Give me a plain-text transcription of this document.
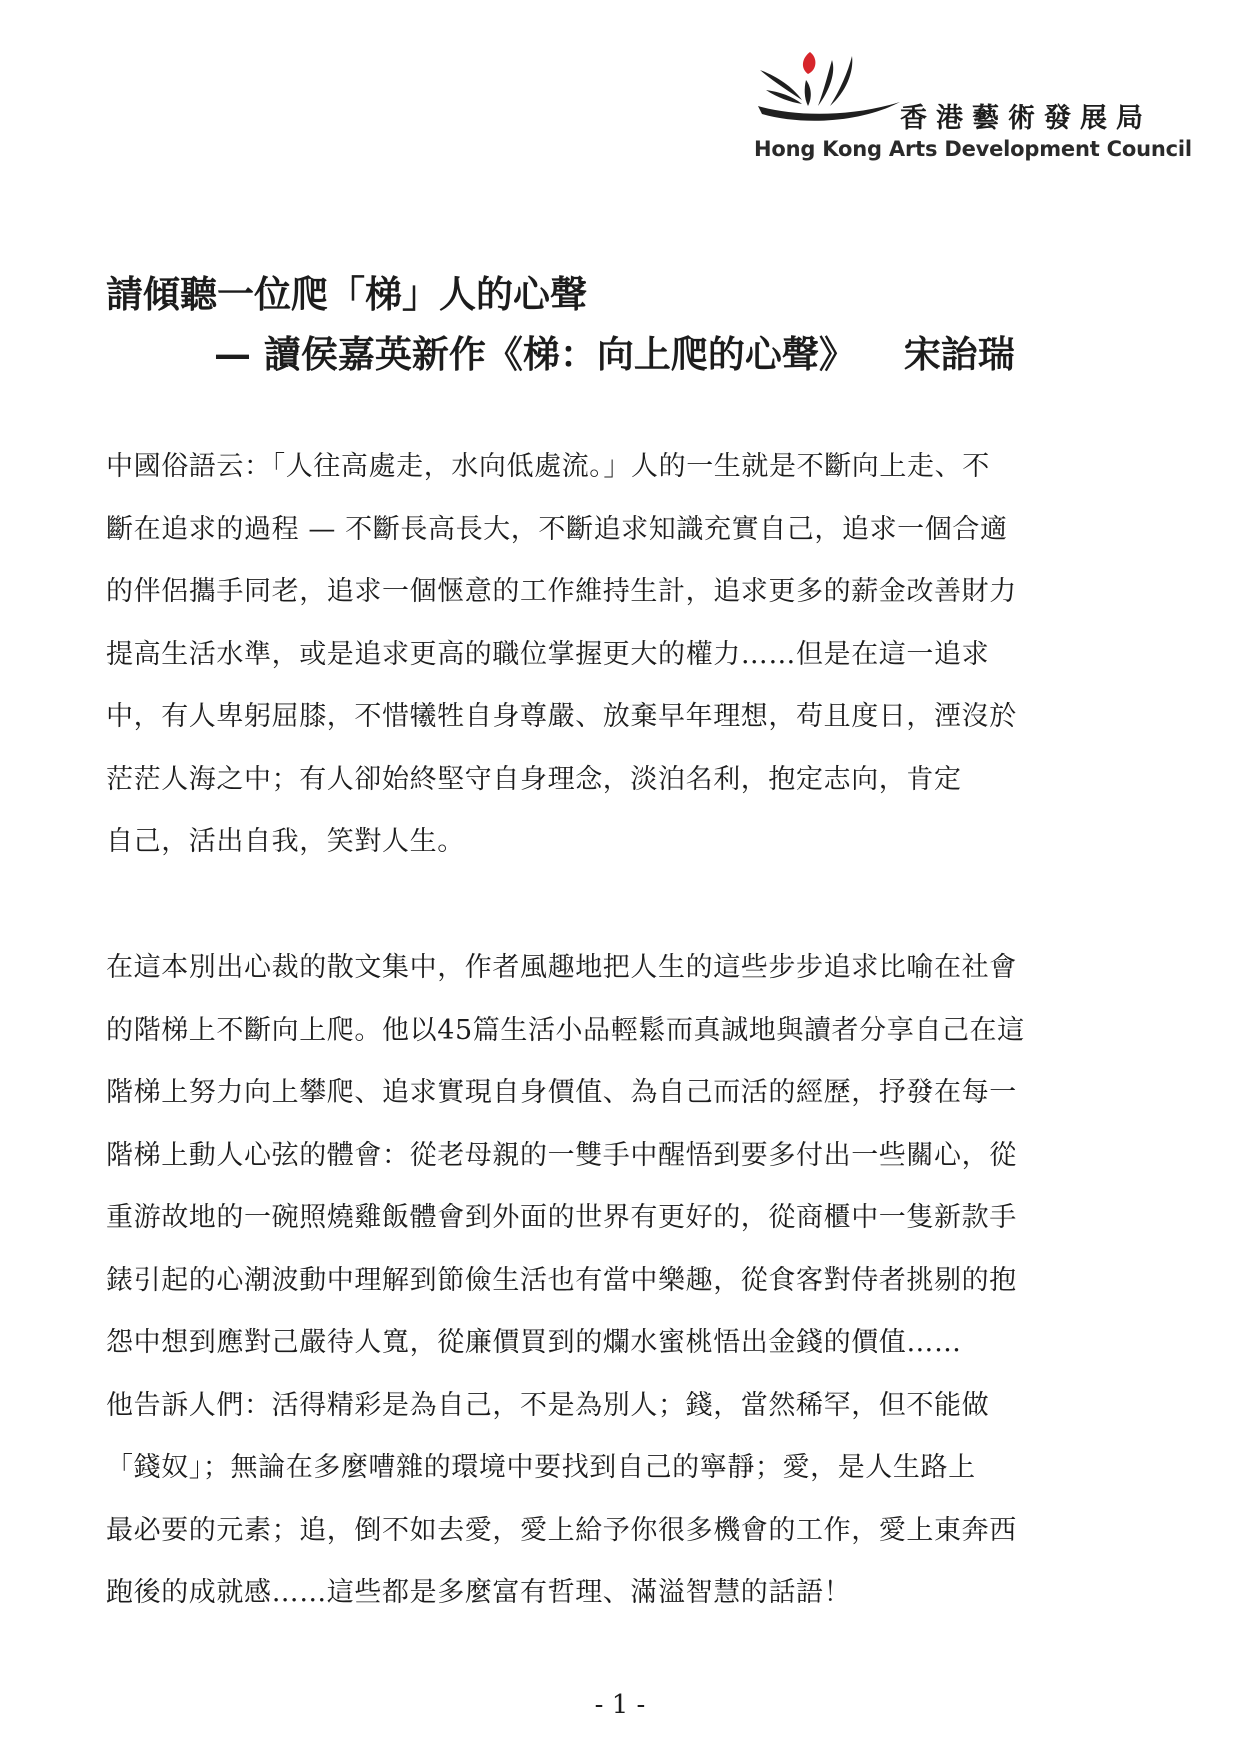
香港藝術發展局

Hong Kong Arts Development Council

請傾聽一位爬「梯」人的心聲
— 讀侯嘉英新作《梯：向上爬的心聲》 宋詒瑞
中國俗語云：「人往高處走，水向低處流。」人的一生就是不斷向上走、不
斷在追求的過程 — 不斷長高長大，不斷追求知識充實自己，追求一個合適
的伴侶攜手同老，追求一個愜意的工作維持生計，追求更多的薪金改善財力
提高生活水準，或是追求更高的職位掌握更大的權力……但是在這一追求
中，有人卑躬屈膝，不惜犧牲自身尊嚴、放棄早年理想，苟且度日，湮沒於
茫茫人海之中；有人卻始終堅守自身理念，淡泊名利，抱定志向，肯定
自己，活出自我，笑對人生。
在這本別出心裁的散文集中，作者風趣地把人生的這些步步追求比喻在社會
的階梯上不斷向上爬。他以45篇生活小品輕鬆而真誠地與讀者分享自己在這
階梯上努力向上攀爬、追求實現自身價值、為自己而活的經歷，抒發在每一
階梯上動人心弦的體會：從老母親的一雙手中醒悟到要多付出一些關心，從
重游故地的一碗照燒雞飯體會到外面的世界有更好的，從商櫃中一隻新款手
錶引起的心潮波動中理解到節儉生活也有當中樂趣，從食客對侍者挑剔的抱
怨中想到應對己嚴待人寬，從廉價買到的爛水蜜桃悟出金錢的價值……
他告訴人們：活得精彩是為自己，不是為別人；錢，當然稀罕，但不能做
「錢奴」；無論在多麼嘈雜的環境中要找到自己的寧靜；愛，是人生路上
最必要的元素；追，倒不如去愛，愛上給予你很多機會的工作，愛上東奔西
跑後的成就感……這些都是多麼富有哲理、滿溢智慧的話語！

- 1 -
